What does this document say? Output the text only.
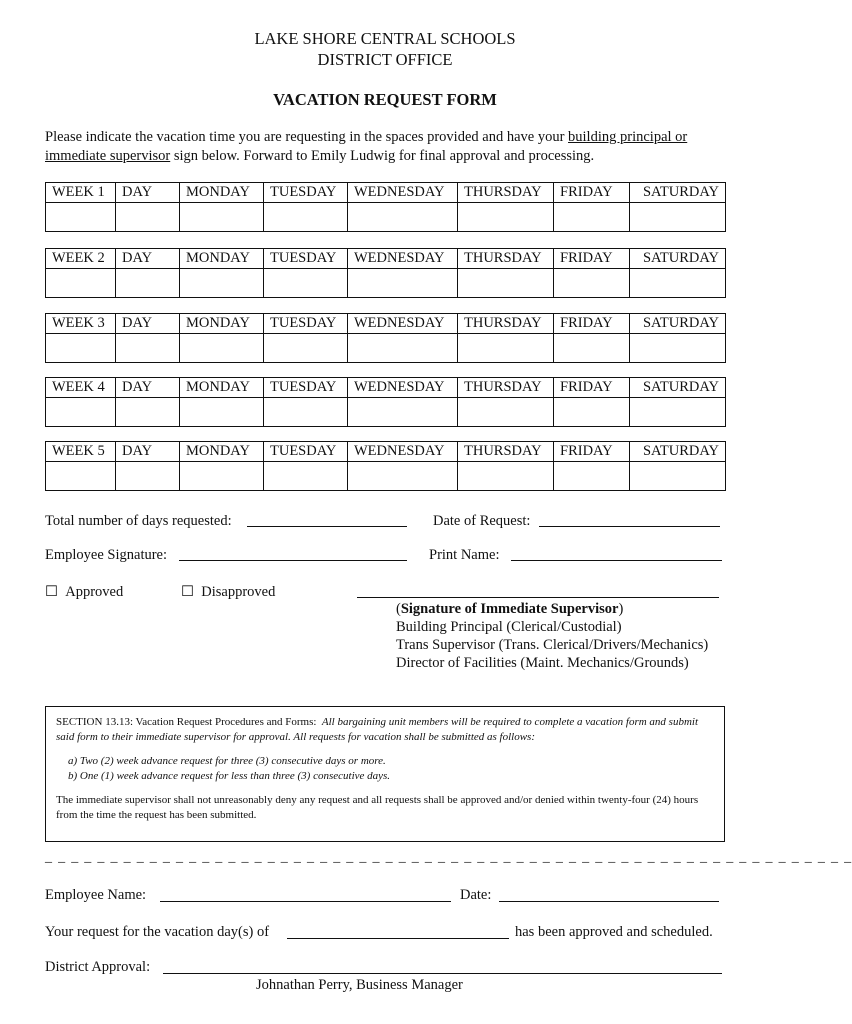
LAKE SHORE CENTRAL SCHOOLS
DISTRICT OFFICE
VACATION REQUEST FORM
Please indicate the vacation time you are requesting in the spaces provided and have your building principal or immediate supervisor sign below. Forward to Emily Ludwig for final approval and processing.
WEEK 1	DAY	MONDAY	TUESDAY	WEDNESDAY	THURSDAY	FRIDAY	SATURDAY

WEEK 2	DAY	MONDAY	TUESDAY	WEDNESDAY	THURSDAY	FRIDAY	SATURDAY

WEEK 3	DAY	MONDAY	TUESDAY	WEDNESDAY	THURSDAY	FRIDAY	SATURDAY

WEEK 4	DAY	MONDAY	TUESDAY	WEDNESDAY	THURSDAY	FRIDAY	SATURDAY

WEEK 5	DAY	MONDAY	TUESDAY	WEDNESDAY	THURSDAY	FRIDAY	SATURDAY

Total number of days requested:	Date of Request:
Employee Signature:	Print Name:
☐ Approved	☐ Disapproved
(Signature of Immediate Supervisor)
Building Principal (Clerical/Custodial)
Trans Supervisor (Trans. Clerical/Drivers/Mechanics)
Director of Facilities (Maint. Mechanics/Grounds)

SECTION 13.13: Vacation Request Procedures and Forms: All bargaining unit members will be required to complete a vacation form and submit said form to their immediate supervisor for approval. All requests for vacation shall be submitted as follows:

a) Two (2) week advance request for three (3) consecutive days or more.
b) One (1) week advance request for less than three (3) consecutive days.

The immediate supervisor shall not unreasonably deny any request and all requests shall be approved and/or denied within twenty-four (24) hours from the time the request has been submitted.

_ _ _ _ _ _ _ _ _ _ _ _ _ _ _ _ _ _ _ _ _ _ _ _ _ _ _ _ _ _ _ _ _ _ _ _ _ _ _ _ _ _ _ _ _ _ _ _ _ _ _ _ _ _ _ _ _ _ _ _ _ _
Employee Name:	Date:
Your request for the vacation day(s) of	has been approved and scheduled.
District Approval:
Johnathan Perry, Business Manager
